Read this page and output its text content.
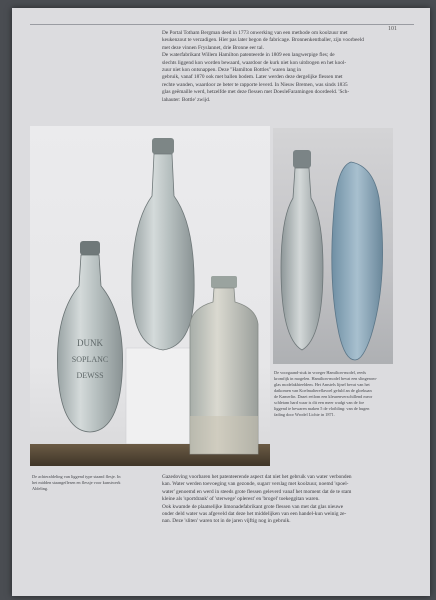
101

De Portal Totham Bergman deed in 1773 onwerking van een methode om koolzuur met

keukenzout te verzadigen. Hier pas later begon de fabricage. Bronnenkentballer, zijn voorbeeld

met deze vinnen Fryslannet, drie Bronne eer tal.

De waterfabrikant Willem Hamilton patenteerde in 1809 een langwerpige fles; de

slechts liggend kon worden bewaard, waardoor de kurk niet kon uitdrogen en het kool-

zuur niet kon ontsnappen. Deze "Hamilton Bottles" waren lang in

gebruik, vanaf 1870 ook met ballen bodem. Later werden deze dergelijke flessen met

rechte wanden, waardoor ze beter te rapporte leverd. In Nieuw Bremen, was sinds 1835

glas geëmaille werd, hetzelfde met deze flessen met DoesleFaramingen doordeeld. 'Sch-

lahauter: Bottle' zwijd.

DUNK
SOPLANC
DEWSS	De voorgaand-stuk in vroeger Hamilton-model, reeds

kromfijk in mogelen. Hamilton-model bevat een slingerom-

glas modelakhieeldem. Het Amstels lijnel bevat van het

datkomen van Koelmaltereflavoel gefuld an de gloekuan

de Kamerlin. Dazet eeilom een kleurenverschillend meor

schletam hard waar is dit een meer wadgt van de foe

liggend ie bewaren maken 5 de vloibling: van de hugen

fading door Wrodel Lichte in 1871.

De achterafdeling van liggend type staand flesje. In

het midden staangeflesen en flessje voor kunstwerk

Aldeling.

Gazedoving voorbaren het patenteerende aspect dat niet het gebruik van water verbonden

kan. Water werden toevoeging van gezonde, sugarr verslag met koolzuur, noemd 'spoel-

water' genoemd en werd in steeds grote flessen geleverd vanaf het moment dat de te stam

kleine als 'sportdrank' of 'sterwege' oplerest' en 'brogel' toekeggitan waren.

Ook kwamde de plaatselijke limonadefabrikant grote flessen van met dat glas nieuwe

onder deld water was afgeveld dat deze het middelijken van een handel-kun weinig ze-

nan. Deze 'sliten' waren tot in de jaren vijftig nog in gebruik.
